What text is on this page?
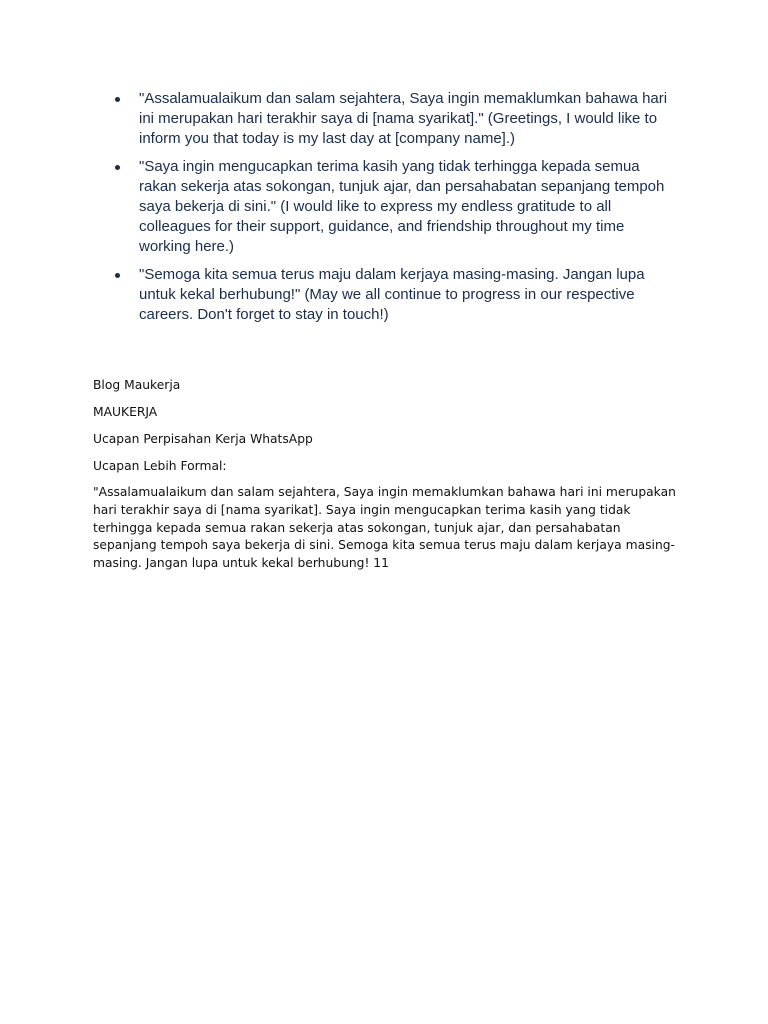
"Assalamualaikum dan salam sejahtera, Saya ingin memaklumkan bahawa hari ini merupakan hari terakhir saya di [nama syarikat]." (Greetings, I would like to inform you that today is my last day at [company name].)
"Saya ingin mengucapkan terima kasih yang tidak terhingga kepada semua rakan sekerja atas sokongan, tunjuk ajar, dan persahabatan sepanjang tempoh saya bekerja di sini." (I would like to express my endless gratitude to all colleagues for their support, guidance, and friendship throughout my time working here.)
"Semoga kita semua terus maju dalam kerjaya masing-masing. Jangan lupa untuk kekal berhubung!" (May we all continue to progress in our respective careers. Don't forget to stay in touch!)

Blog Maukerja

MAUKERJA

Ucapan Perpisahan Kerja WhatsApp

Ucapan Lebih Formal:

"Assalamualaikum dan salam sejahtera, Saya ingin memaklumkan bahawa hari ini merupakan hari terakhir saya di [nama syarikat]. Saya ingin mengucapkan terima kasih yang tidak terhingga kepada semua rakan sekerja atas sokongan, tunjuk ajar, dan persahabatan sepanjang tempoh saya bekerja di sini. Semoga kita semua terus maju dalam kerjaya masing-masing. Jangan lupa untuk kekal berhubung! 11
